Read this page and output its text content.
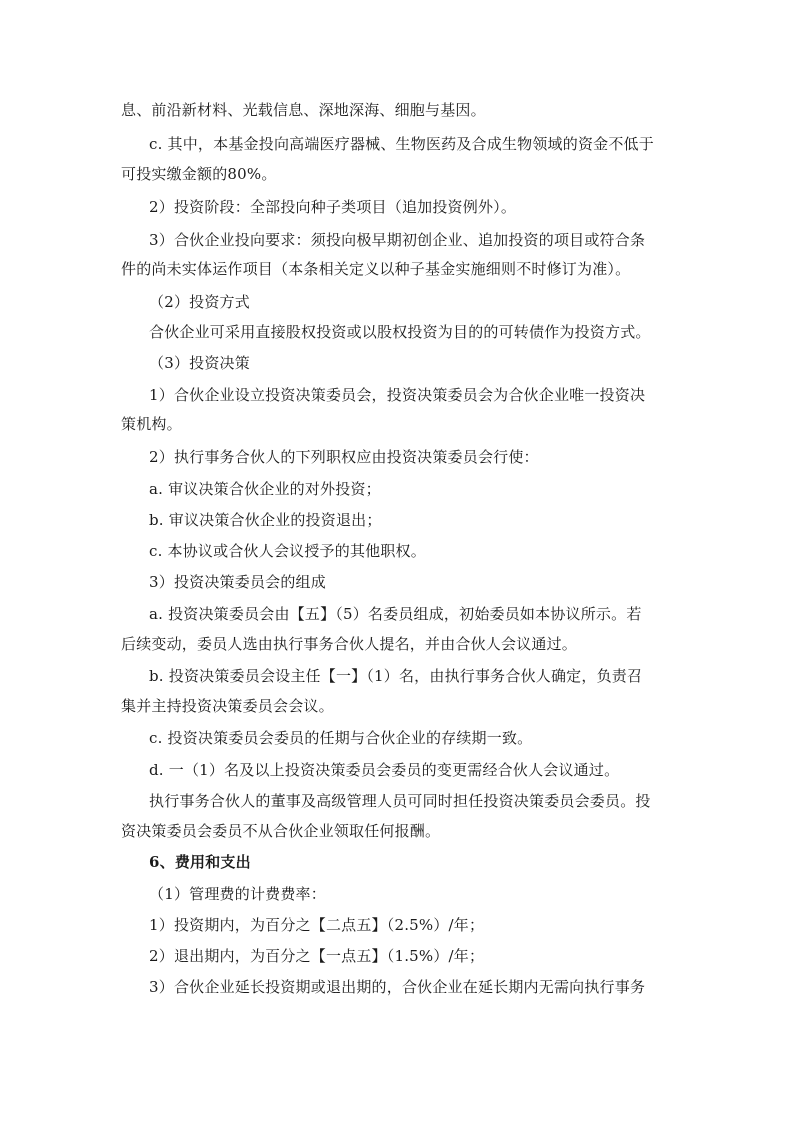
息、前沿新材料、光载信息、深地深海、细胞与基因。

c. 其中，本基金投向高端医疗器械、生物医药及合成生物领域的资金不低于

可投实缴金额的80%。

2）投资阶段：全部投向种子类项目（追加投资例外）。

3）合伙企业投向要求：须投向极早期初创企业、追加投资的项目或符合条

件的尚未实体运作项目（本条相关定义以种子基金实施细则不时修订为准）。

（2）投资方式

合伙企业可采用直接股权投资或以股权投资为目的的可转债作为投资方式。

（3）投资决策

1）合伙企业设立投资决策委员会，投资决策委员会为合伙企业唯一投资决

策机构。

2）执行事务合伙人的下列职权应由投资决策委员会行使：

a. 审议决策合伙企业的对外投资；

b. 审议决策合伙企业的投资退出；

c. 本协议或合伙人会议授予的其他职权。

3）投资决策委员会的组成

a. 投资决策委员会由【五】（5）名委员组成，初始委员如本协议所示。若

后续变动，委员人选由执行事务合伙人提名，并由合伙人会议通过。

b. 投资决策委员会设主任【一】（1）名，由执行事务合伙人确定，负责召

集并主持投资决策委员会会议。

c. 投资决策委员会委员的任期与合伙企业的存续期一致。

d. 一（1）名及以上投资决策委员会委员的变更需经合伙人会议通过。

执行事务合伙人的董事及高级管理人员可同时担任投资决策委员会委员。投

资决策委员会委员不从合伙企业领取任何报酬。

6、费用和支出

（1）管理费的计费费率：

1）投资期内，为百分之【二点五】（2.5%）/年；

2）退出期内，为百分之【一点五】（1.5%）/年；

3）合伙企业延长投资期或退出期的，合伙企业在延长期内无需向执行事务
